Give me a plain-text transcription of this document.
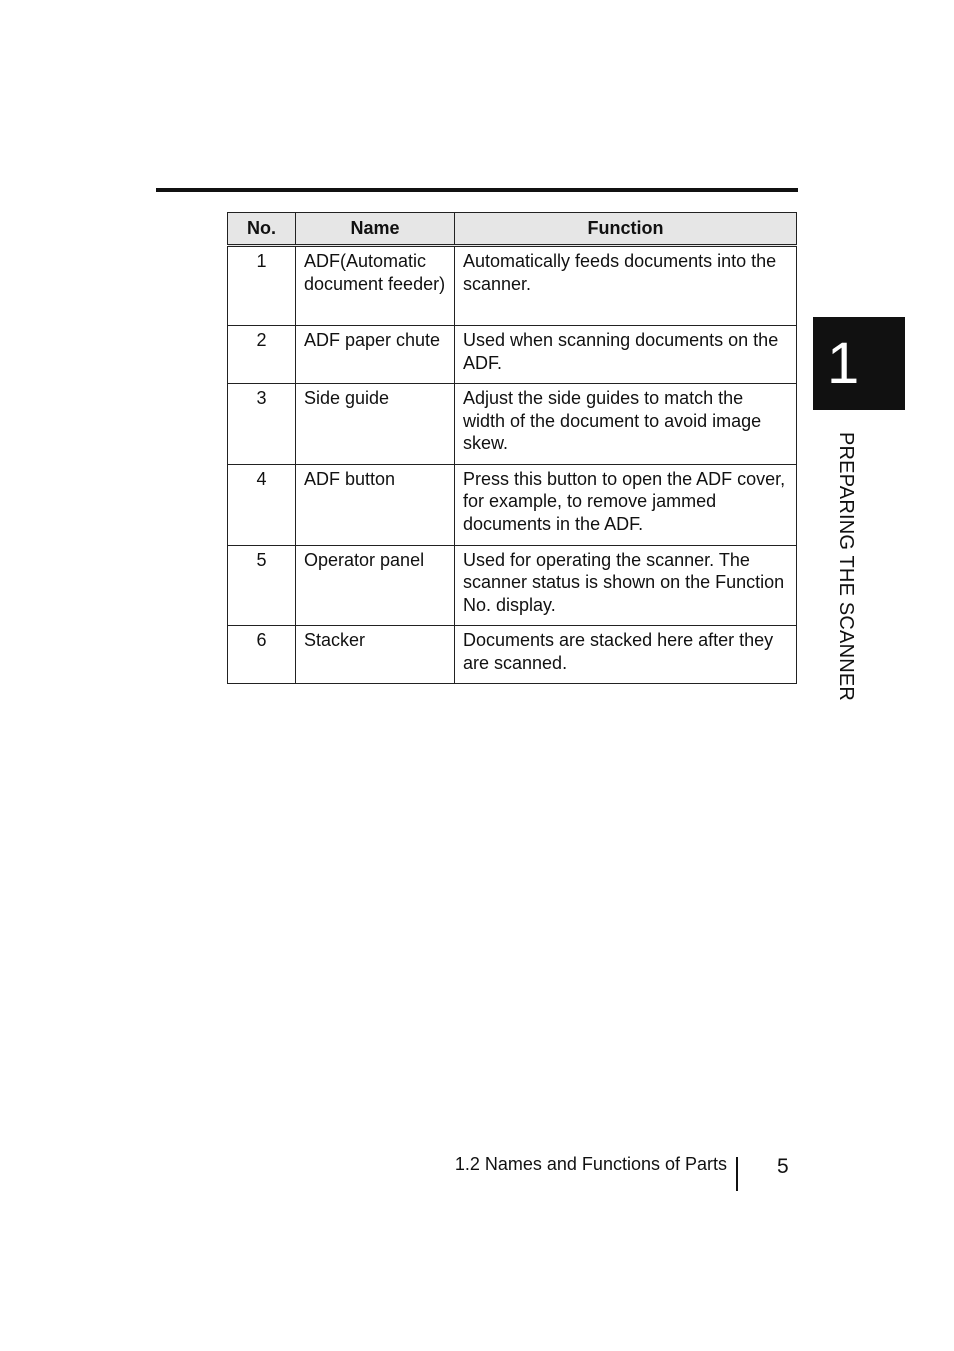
No.	Name	Function
1	ADF(Automatic document feeder)	Automatically feeds documents into the scanner.
2	ADF paper chute	Used when scanning documents on the ADF.
3	Side guide	Adjust the side guides to match the width of the document to avoid image skew.
4	ADF button	Press this button to open the ADF cover, for example, to remove jammed documents in the ADF.
5	Operator panel	Used for operating the scanner. The scanner status is shown on the Function No. display.
6	Stacker	Documents are stacked here after they are scanned.
1
PREPARING THE SCANNER
1.2 Names and Functions of Parts 5
